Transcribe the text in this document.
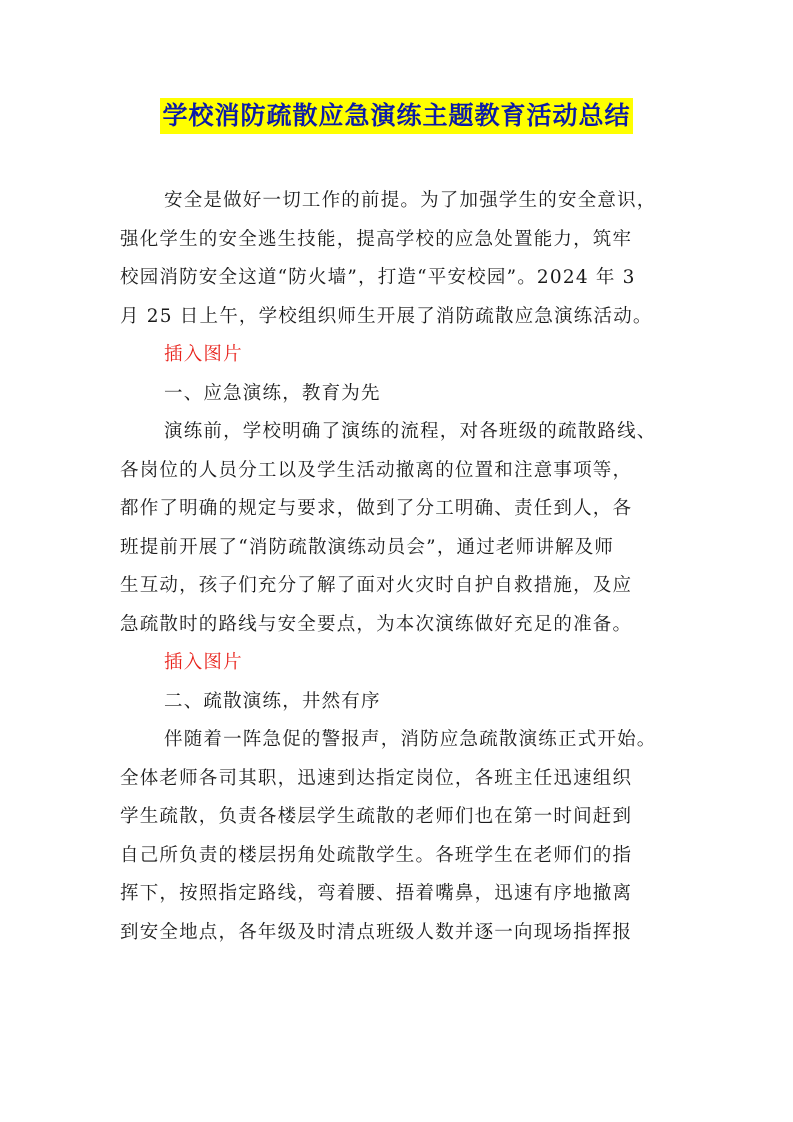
学校消防疏散应急演练主题教育活动总结
安全是做好一切工作的前提。为了加强学生的安全意识，
强化学生的安全逃生技能，提高学校的应急处置能力，筑牢
校园消防安全这道“防火墙”，打造“平安校园”。2024 年 3
月 25 日上午，学校组织师生开展了消防疏散应急演练活动。
插入图片
一、应急演练，教育为先
演练前，学校明确了演练的流程，对各班级的疏散路线、
各岗位的人员分工以及学生活动撤离的位置和注意事项等，
都作了明确的规定与要求，做到了分工明确、责任到人，各
班提前开展了“消防疏散演练动员会”，通过老师讲解及师
生互动，孩子们充分了解了面对火灾时自护自救措施，及应
急疏散时的路线与安全要点，为本次演练做好充足的准备。
插入图片
二、疏散演练，井然有序
伴随着一阵急促的警报声，消防应急疏散演练正式开始。
全体老师各司其职，迅速到达指定岗位，各班主任迅速组织
学生疏散，负责各楼层学生疏散的老师们也在第一时间赶到
自己所负责的楼层拐角处疏散学生。各班学生在老师们的指
挥下，按照指定路线，弯着腰、捂着嘴鼻，迅速有序地撤离
到安全地点，各年级及时清点班级人数并逐一向现场指挥报
